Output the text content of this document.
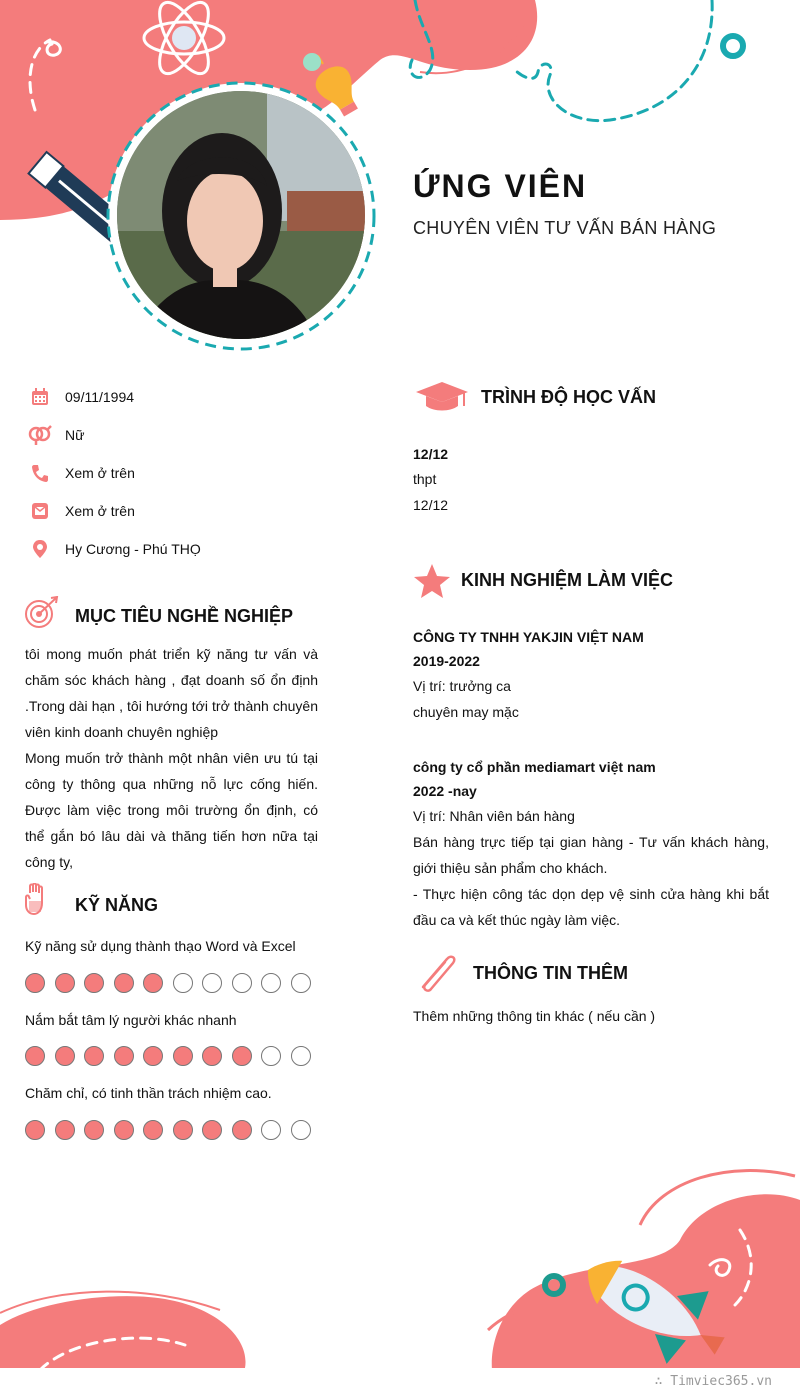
ỨNG VIÊN
CHUYÊN VIÊN TƯ VẤN BÁN HÀNG
09/11/1994
Nữ
Xem ở trên
Xem ở trên
Hy Cương - Phú THỌ
MỤC TIÊU NGHỀ NGHIỆP
tôi mong muốn phát triển kỹ năng tư vấn và chăm sóc khách hàng , đạt doanh số ổn định .Trong dài hạn , tôi hướng tới trở thành chuyên viên kinh doanh chuyên nghiệp
Mong muốn trở thành một nhân viên ưu tú tại công ty thông qua những nỗ lực cống hiến. Được làm việc trong môi trường ổn định, có thể gắn bó lâu dài và thăng tiến hơn nữa tại công ty,
KỸ NĂNG
Kỹ năng sử dụng thành thạo Word và Excel
Nắm bắt tâm lý người khác nhanh
Chăm chỉ, có tinh thần trách nhiệm cao.
TRÌNH ĐỘ HỌC VẤN
12/12
thpt
12/12
KINH NGHIỆM LÀM VIỆC
CÔNG TY TNHH YAKJIN VIỆT NAM
2019-2022
Vị trí: trưởng ca
chuyên may mặc
công ty cổ phần mediamart việt nam
2022 -nay
Vị trí: Nhân viên bán hàng
Bán hàng trực tiếp tại gian hàng - Tư vấn khách hàng, giới thiệu sản phẩm cho khách.
- Thực hiện công tác dọn dẹp vệ sinh cửa hàng khi bắt đầu ca và kết thúc ngày làm việc.
THÔNG TIN THÊM
Thêm những thông tin khác ( nếu cần )
∴ Timviec365.vn
